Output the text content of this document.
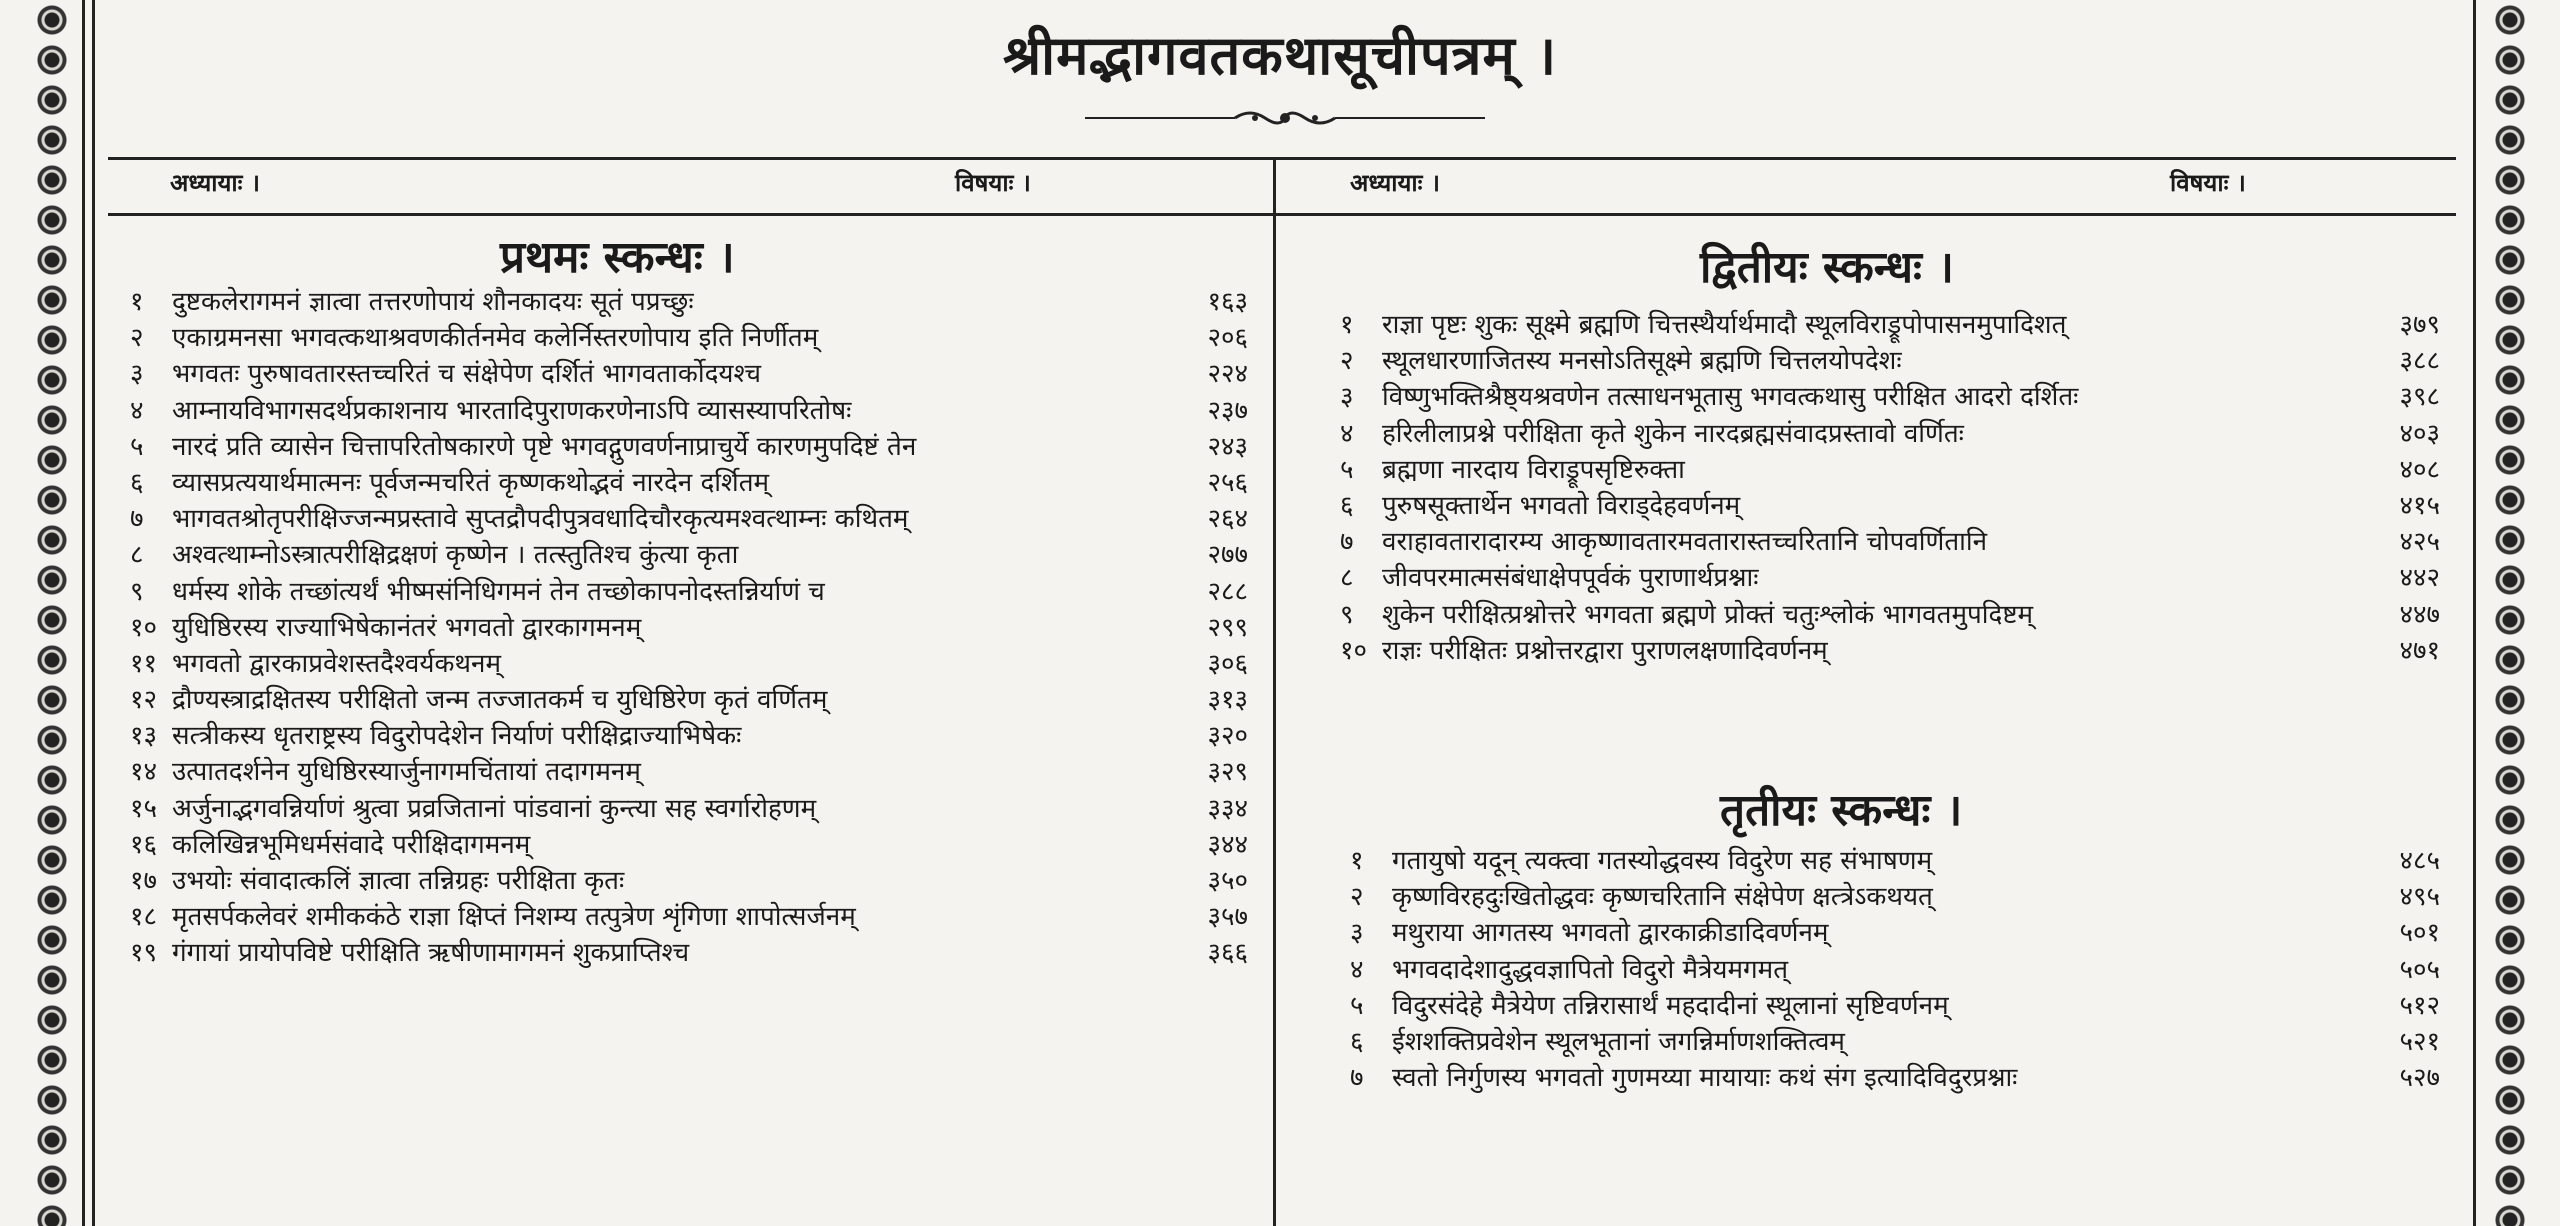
श्रीमद्भागवतकथासूचीपत्रम् ।
अध्यायाः ।	विषयाः ।	अध्यायाः ।	विषयाः ।
प्रथमः स्कन्धः ।
१ दुष्टकलेरागमनं ज्ञात्वा तत्तरणोपायं शौनकादयः सूतं पप्रच्छुः	१६३
२ एकाग्रमनसा भगवत्कथाश्रवणकीर्तनमेव कलेर्निस्तरणोपाय इति निर्णीतम्	२०६
३ भगवतः पुरुषावतारस्तच्चरितं च संक्षेपेण दर्शितं भागवतार्कोदयश्च	२२४
४ आम्नायविभागसदर्थप्रकाशनाय भारतादिपुराणकरणेनाऽपि व्यासस्यापरितोषः	२३७
५ नारदं प्रति व्यासेन चित्तापरितोषकारणे पृष्टे भगवद्गुणवर्णनाप्राचुर्ये कारणमुपदिष्टं तेन	२४३
६ व्यासप्रत्ययार्थमात्मनः पूर्वजन्मचरितं कृष्णकथोद्भवं नारदेन दर्शितम्	२५६
७ भागवतश्रोतृपरीक्षिज्जन्मप्रस्तावे सुप्तद्रौपदीपुत्रवधादिचौरकृत्यमश्वत्थाम्नः कथितम्	२६४
८ अश्वत्थाम्नोऽस्त्रात्परीक्षिद्रक्षणं कृष्णेन । तत्स्तुतिश्च कुंत्या कृता	२७७
९ धर्मस्य शोके तच्छांत्यर्थं भीष्मसंनिधिगमनं तेन तच्छोकापनोदस्तन्निर्याणं च	२८८
१० युधिष्ठिरस्य राज्याभिषेकानंतरं भगवतो द्वारकागमनम्	२९९
११ भगवतो द्वारकाप्रवेशस्तदैश्वर्यकथनम्	३०६
१२ द्रौण्यस्त्राद्रक्षितस्य परीक्षितो जन्म तज्जातकर्म च युधिष्ठिरेण कृतं वर्णितम्	३१३
१३ सत्त्रीकस्य धृतराष्ट्रस्य विदुरोपदेशेन निर्याणं परीक्षिद्राज्याभिषेकः	३२०
१४ उत्पातदर्शनेन युधिष्ठिरस्यार्जुनागमचिंतायां तदागमनम्	३२९
१५ अर्जुनाद्भगवन्निर्याणं श्रुत्वा प्रव्रजितानां पांडवानां कुन्त्या सह स्वर्गारोहणम्	३३४
१६ कलिखिन्नभूमिधर्मसंवादे परीक्षिदागमनम्	३४४
१७ उभयोः संवादात्कलिं ज्ञात्वा तन्निग्रहः परीक्षिता कृतः	३५०
१८ मृतसर्पकलेवरं शमीककंठे राज्ञा क्षिप्तं निशम्य तत्पुत्रेण शृंगिणा शापोत्सर्जनम्	३५७
१९ गंगायां प्रायोपविष्टे परीक्षिति ऋषीणामागमनं शुकप्राप्तिश्च	३६६
द्वितीयः स्कन्धः ।
१ राज्ञा पृष्टः शुकः सूक्ष्मे ब्रह्मणि चित्तस्थैर्यार्थमादौ स्थूलविराड्रूपोपासनमुपादिशत्	३७९
२ स्थूलधारणाजितस्य मनसोऽतिसूक्ष्मे ब्रह्मणि चित्तलयोपदेशः	३८८
३ विष्णुभक्तिश्रैष्ठ्यश्रवणेन तत्साधनभूतासु भगवत्कथासु परीक्षित आदरो दर्शितः	३९८
४ हरिलीलाप्रश्ने परीक्षिता कृते शुकेन नारदब्रह्मसंवादप्रस्तावो वर्णितः	४०३
५ ब्रह्मणा नारदाय विराड्रूपसृष्टिरुक्ता	४०८
६ पुरुषसूक्तार्थेन भगवतो विराड्देहवर्णनम्	४१५
७ वराहावतारादारम्य आकृष्णावतारमवतारास्तच्चरितानि चोपवर्णितानि	४२५
८ जीवपरमात्मसंबंधाक्षेपपूर्वकं पुराणार्थप्रश्नाः	४४२
९ शुकेन परीक्षित्प्रश्नोत्तरे भगवता ब्रह्मणे प्रोक्तं चतुःश्लोकं भागवतमुपदिष्टम्	४४७
१० राज्ञः परीक्षितः प्रश्नोत्तरद्वारा पुराणलक्षणादिवर्णनम्	४७१
तृतीयः स्कन्धः ।
१ गतायुषो यदून् त्यक्त्वा गतस्योद्धवस्य विदुरेण सह संभाषणम्	४८५
२ कृष्णविरहदुःखितोद्धवः कृष्णचरितानि संक्षेपेण क्षत्त्रेऽकथयत्	४९५
३ मथुराया आगतस्य भगवतो द्वारकाक्रीडादिवर्णनम्	५०१
४ भगवदादेशादुद्धवज्ञापितो विदुरो मैत्रेयमगमत्	५०५
५ विदुरसंदेहे मैत्रेयेण तन्निरासार्थं महदादीनां स्थूलानां सृष्टिवर्णनम्	५१२
६ ईशशक्तिप्रवेशेन स्थूलभूतानां जगन्निर्माणशक्तित्वम्	५२१
७ स्वतो निर्गुणस्य भगवतो गुणमय्या मायायाः कथं संग इत्यादिविदुरप्रश्नाः	५२७
